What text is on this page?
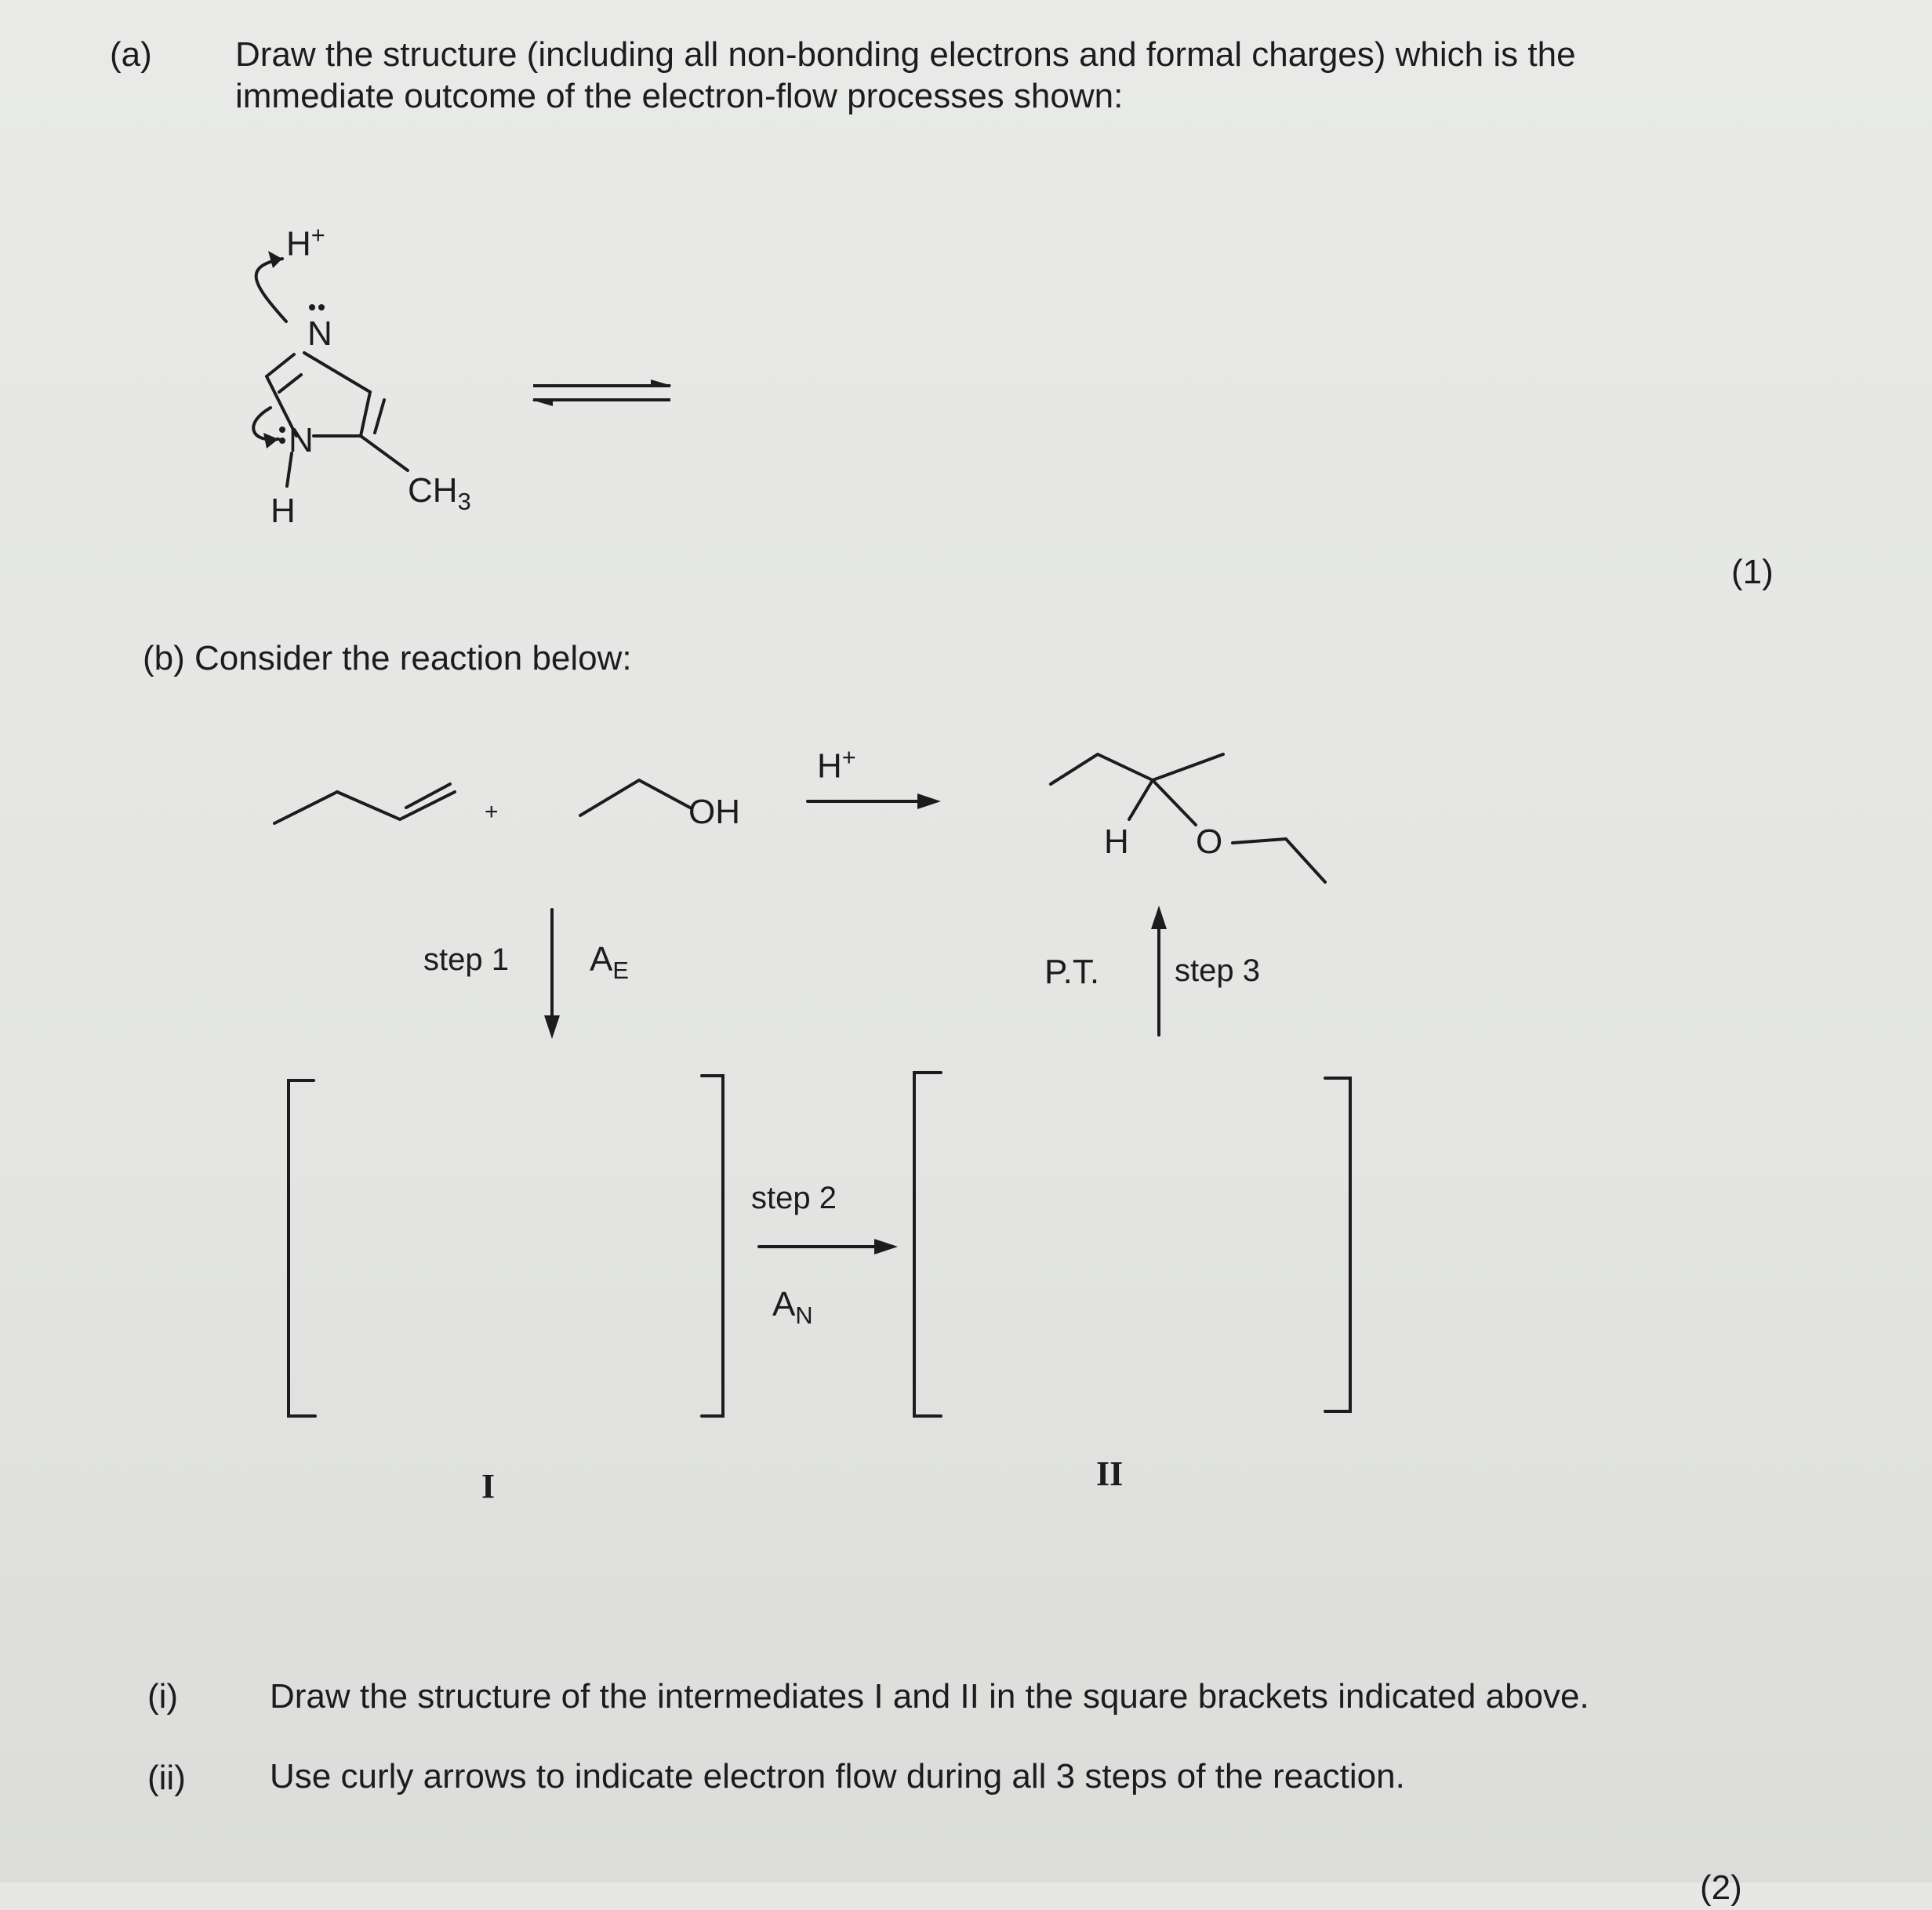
(a) Draw the structure (including all non-bonding electrons and formal charges) which is the
immediate outcome of the electron-flow processes shown:
H+
N
N
H
$CH_3$
(1)
(b) Consider the reaction below:
+	OH
H+
H O
step 1 $A_E$	P.T. step 3
step 2
$A_N$
I	II
(i)	Draw the structure of the intermediates I and II in the square brackets indicated above.
(ii) Use curly arrows to indicate electron flow during all 3 steps of the reaction.
(2)
